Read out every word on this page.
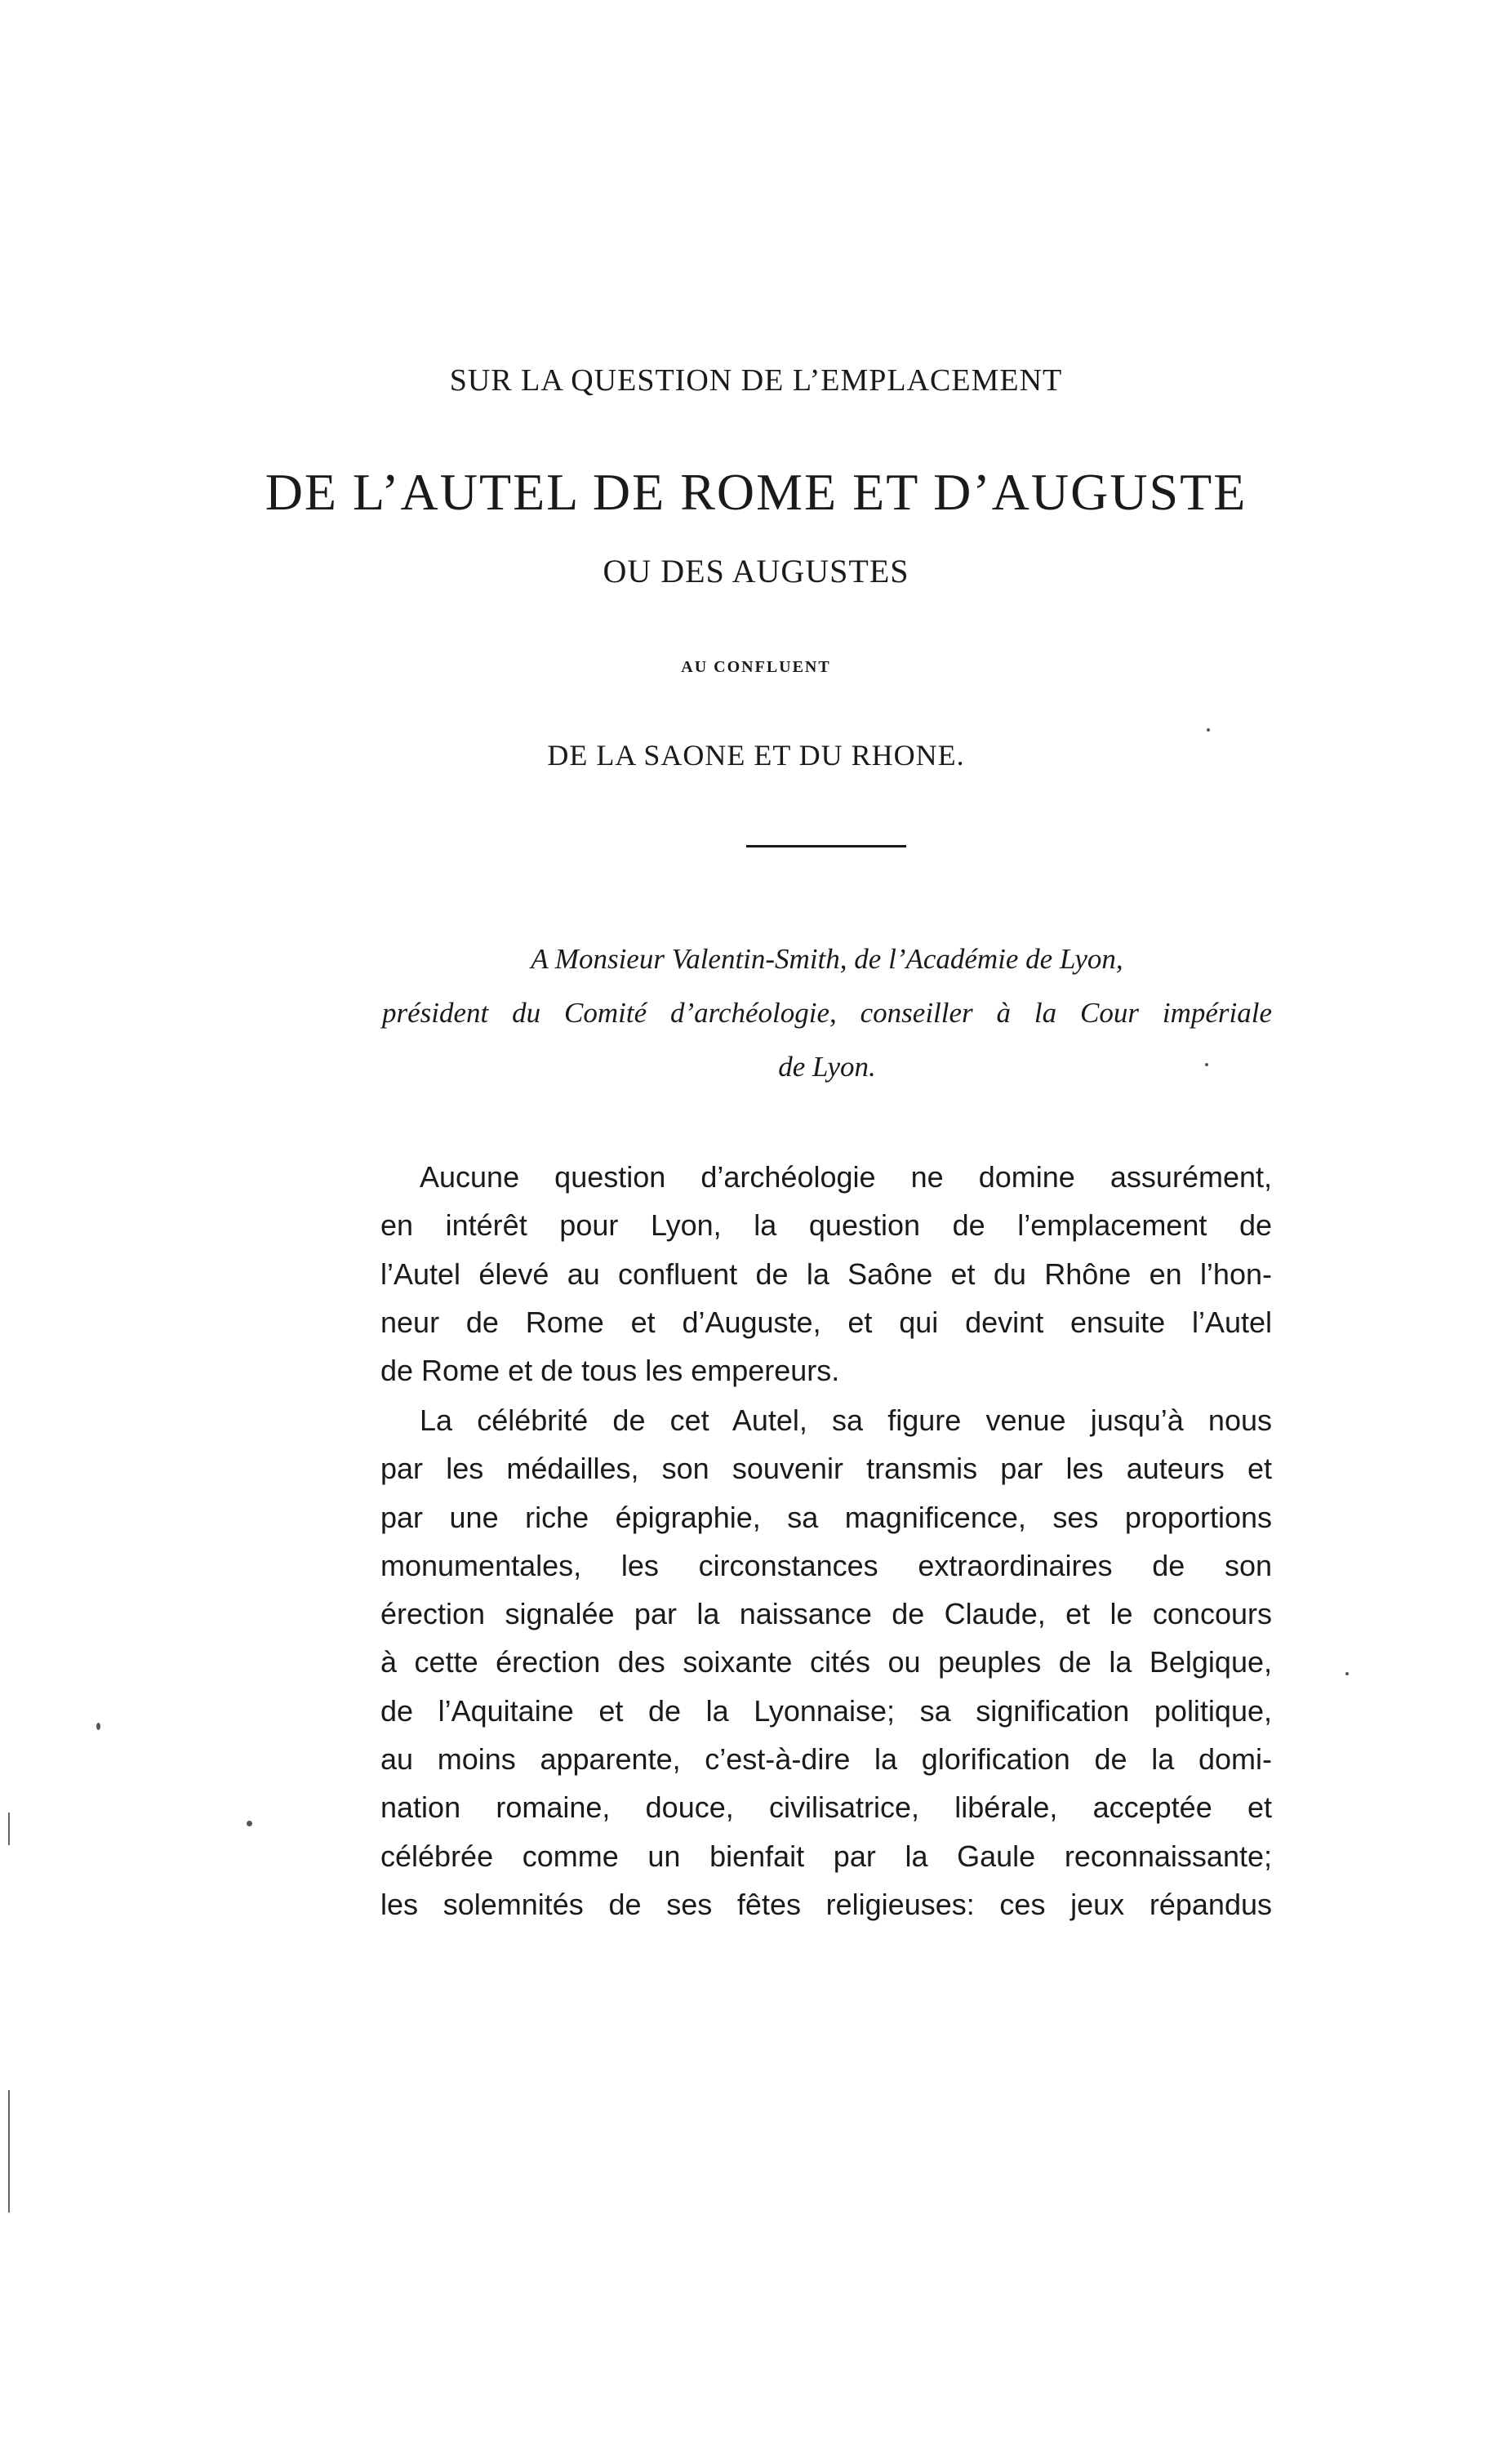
SUR LA QUESTION DE L’EMPLACEMENT
DE L’AUTEL DE ROME ET D’AUGUSTE
OU DES AUGUSTES
AU CONFLUENT
DE LA SAONE ET DU RHONE.
A Monsieur Valentin-Smith, de l’Académie de Lyon,
président du Comité d’archéologie, conseiller à la Cour impériale
de Lyon.
Aucune question d’archéologie ne domine assurément,
en intérêt pour Lyon, la question de l’emplacement de
l’Autel élevé au confluent de la Saône et du Rhône en l’hon-
neur de Rome et d’Auguste, et qui devint ensuite l’Autel
de Rome et de tous les empereurs.
La célébrité de cet Autel, sa figure venue jusqu’à nous
par les médailles, son souvenir transmis par les auteurs et
par une riche épigraphie, sa magnificence, ses proportions
monumentales, les circonstances extraordinaires de son
érection signalée par la naissance de Claude, et le concours
à cette érection des soixante cités ou peuples de la Belgique,
de l’Aquitaine et de la Lyonnaise; sa signification politique,
au moins apparente, c’est-à-dire la glorification de la domi-
nation romaine, douce, civilisatrice, libérale, acceptée et
célébrée comme un bienfait par la Gaule reconnaissante;
les solemnités de ses fêtes religieuses: ces jeux répandus
